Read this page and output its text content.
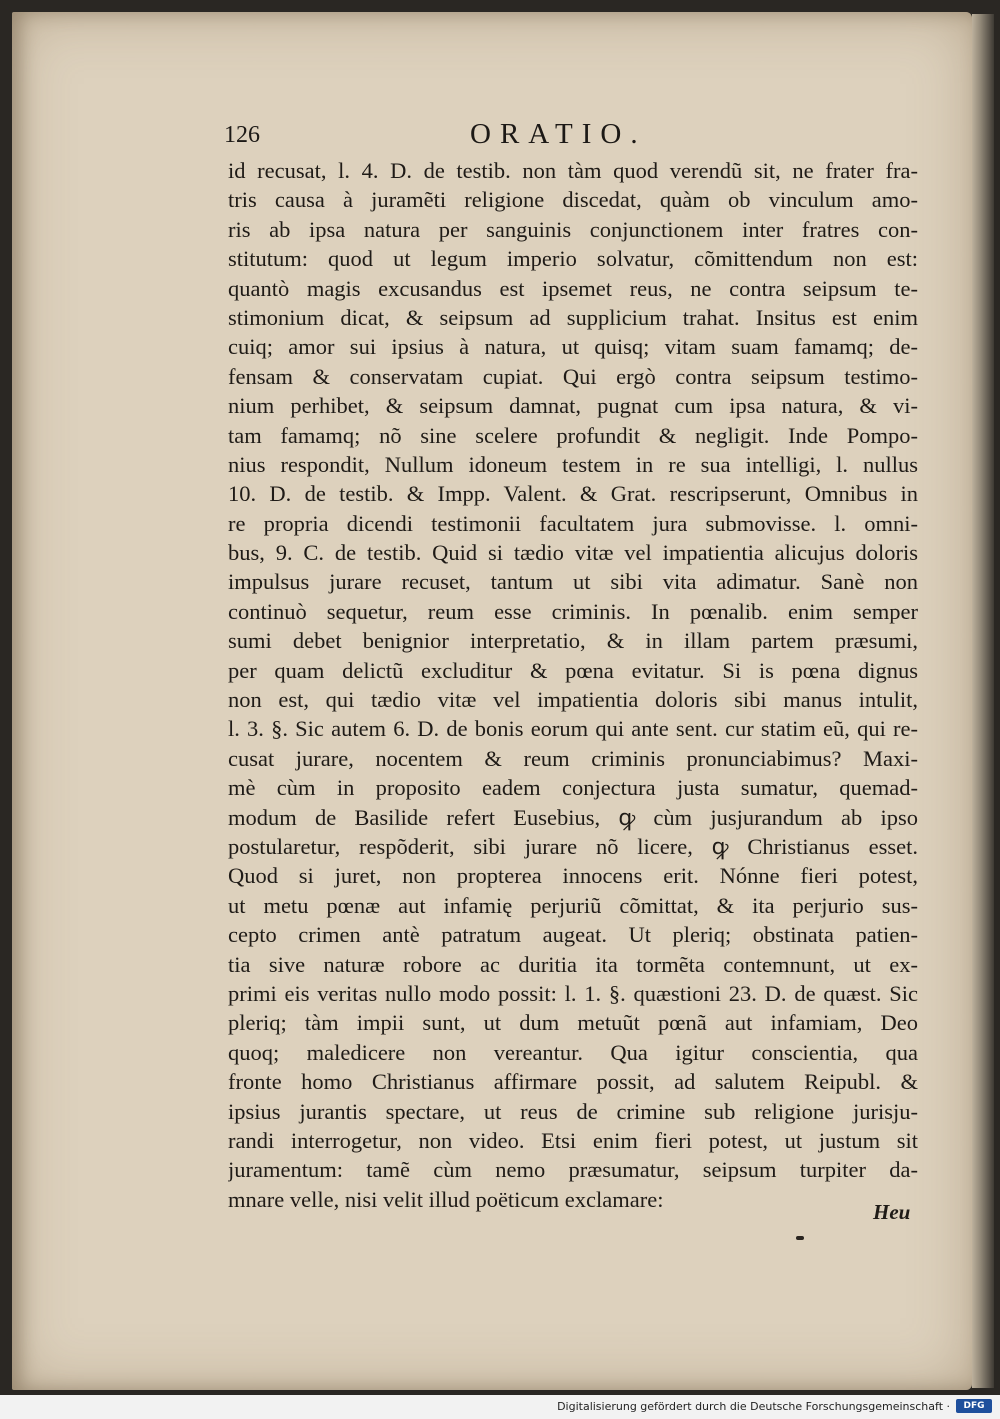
126	ORATIO.
id recusat, l. 4. D. de testib. non tàm quod verendũ sit, ne frater fra-
tris causa à juramẽti religione discedat, quàm ob vinculum amo-
ris ab ipsa natura per sanguinis conjunctionem inter fratres con-
stitutum: quod ut legum imperio solvatur, cõmittendum non est:
quantò magis excusandus est ipsemet reus, ne contra seipsum te-
stimonium dicat, & seipsum ad supplicium trahat. Insitus est enim
cuiq; amor sui ipsius à natura, ut quisq; vitam suam famamq; de-
fensam & conservatam cupiat. Qui ergò contra seipsum testimo-
nium perhibet, & seipsum damnat, pugnat cum ipsa natura, & vi-
tam famamq; nõ sine scelere profundit & negligit. Inde Pompo-
nius respondit, Nullum idoneum testem in re sua intelligi, l. nullus
10. D. de testib. & Impp. Valent. & Grat. rescripserunt, Omnibus in
re propria dicendi testimonii facultatem jura submovisse. l. omni-
bus, 9. C. de testib. Quid si tædio vitæ vel impatientia alicujus doloris
impulsus jurare recuset, tantum ut sibi vita adimatur. Sanè non
continuò sequetur, reum esse criminis. In pœnalib. enim semper
sumi debet benignior interpretatio, & in illam partem præsumi,
per quam delictũ excluditur & pœna evitatur. Si is pœna dignus
non est, qui tædio vitæ vel impatientia doloris sibi manus intulit,
l. 3. §. Sic autem 6. D. de bonis eorum qui ante sent. cur statim eũ, qui re-
cusat jurare, nocentem & reum criminis pronunciabimus? Maxi-
mè cùm in proposito eadem conjectura justa sumatur, quemad-
modum de Basilide refert Eusebius, ꝙ cùm jusjurandum ab ipso
postularetur, respõderit, sibi jurare nõ licere, ꝙ Christianus esset.
Quod si juret, non propterea innocens erit. Nónne fieri potest,
ut metu pœnæ aut infamię perjuriũ cõmittat, & ita perjurio sus-
cepto crimen antè patratum augeat. Ut pleriq; obstinata patien-
tia sive naturæ robore ac duritia ita tormẽta contemnunt, ut ex-
primi eis veritas nullo modo possit: l. 1. §. quæstioni 23. D. de quæst. Sic
pleriq; tàm impii sunt, ut dum metuũt pœnã aut infamiam, Deo
quoq; maledicere non vereantur. Qua igitur conscientia, qua
fronte homo Christianus affirmare possit, ad salutem Reipubl. &
ipsius jurantis spectare, ut reus de crimine sub religione jurisju-
randi interrogetur, non video. Etsi enim fieri potest, ut justum sit
juramentum: tamẽ cùm nemo præsumatur, seipsum turpiter da-
mnare velle, nisi velit illud poëticum exclamare:
Heu
Digitalisierung gefördert durch die Deutsche Forschungsgemeinschaft ·	DFG
